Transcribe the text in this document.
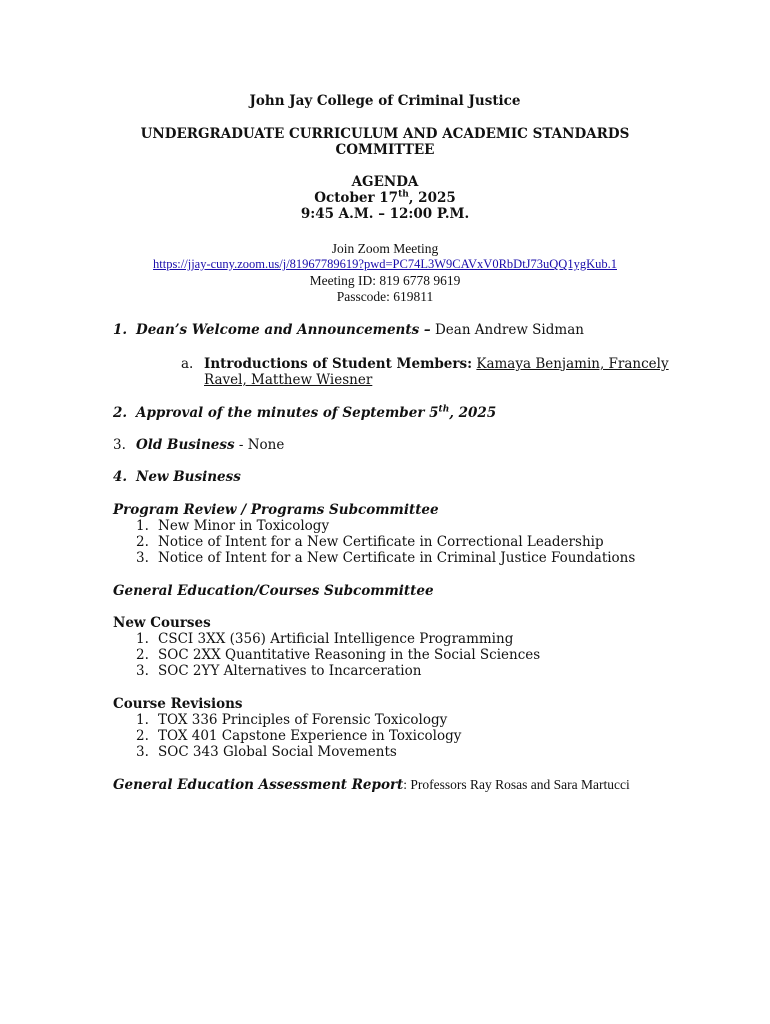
John Jay College of Criminal Justice
UNDERGRADUATE CURRICULUM AND ACADEMIC STANDARDS
COMMITTEE
AGENDA
October 17th, 2025
9:45 A.M. – 12:00 P.M.
Join Zoom Meeting
https://jjay-cuny.zoom.us/j/81967789619?pwd=PC74L3W9CAVxV0RbDtJ73uQQ1ygKub.1
Meeting ID: 819 6778 9619
Passcode: 619811
1. Dean’s Welcome and Announcements – Dean Andrew Sidman
a. Introductions of Student Members: Kamaya Benjamin, Francely
Ravel, Matthew Wiesner
2. Approval of the minutes of September 5th, 2025
3. Old Business - None
4. New Business
Program Review / Programs Subcommittee
1. New Minor in Toxicology
2. Notice of Intent for a New Certificate in Correctional Leadership
3. Notice of Intent for a New Certificate in Criminal Justice Foundations
General Education/Courses Subcommittee
New Courses
1. CSCI 3XX (356) Artificial Intelligence Programming
2. SOC 2XX Quantitative Reasoning in the Social Sciences
3. SOC 2YY Alternatives to Incarceration
Course Revisions
1. TOX 336 Principles of Forensic Toxicology
2. TOX 401 Capstone Experience in Toxicology
3. SOC 343 Global Social Movements
General Education Assessment Report: Professors Ray Rosas and Sara Martucci
